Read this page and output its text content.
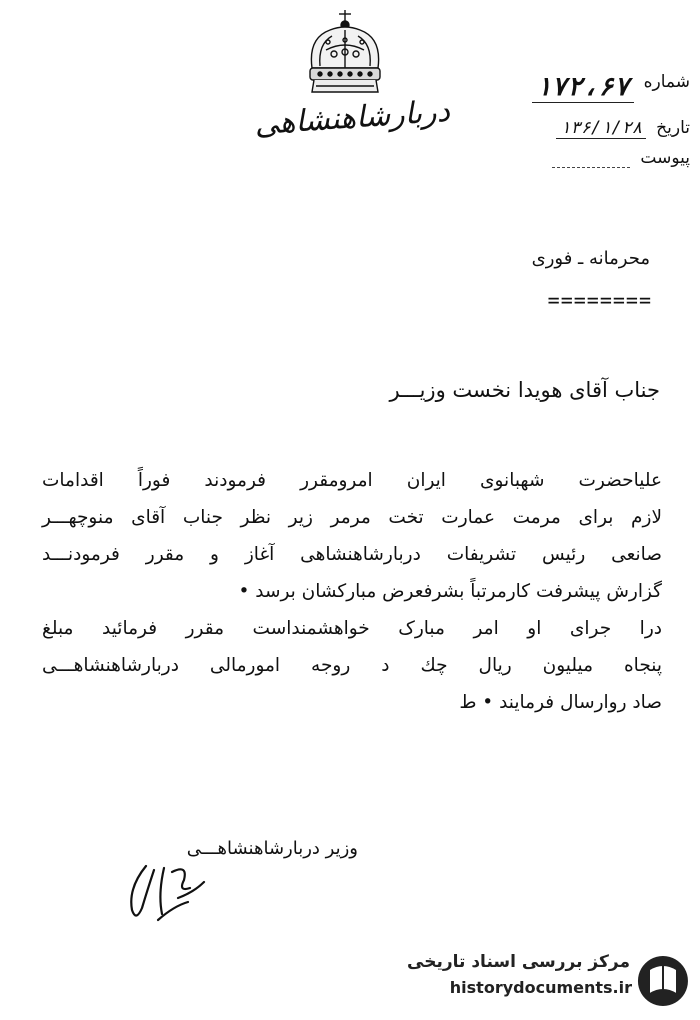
دربارشاهنشاهی
شماره
۱۷۲،۶۷
تاریخ
۱۳۶/۱/۲۸
پیوست
محرمانه ـ فوری
========
جناب آقای هویدا نخست وزیـــر
علیاحضرت شهبانوی ایران امرومقرر فرمودند فوراً اقدامات
لازم برای مرمت عمارت تخت مرمر زیر نظر جناب آقای منوچهـــر
صانعی رئیس تشریفات دربارشاهنشاهی آغاز و مقرر فرمودنـــد
گزارش پیشرفت کارمرتباً بشرفعرض مبارکشان برسد •
درا جرای او امر مبارک خواهشمنداست مقرر فرمائید مبلغ
پنجاه میلیون ریال چك د روجه امورمالی دربارشاهنشاهـــی
صاد روارسال فرمایند • ط
وزیر دربارشاهنشاهـــی
مرکز بررسی اسناد تاریخی
historydocuments.ir
